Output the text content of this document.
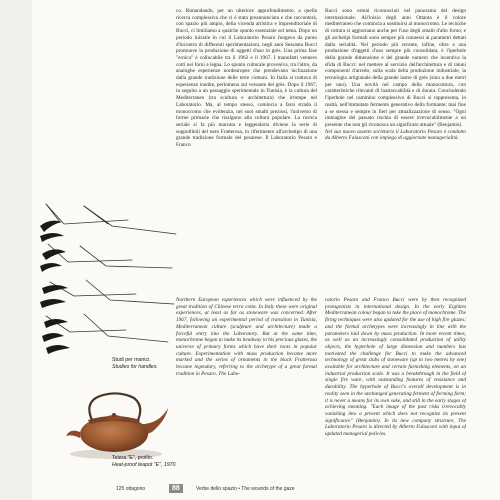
co. Rimandando, per un ulteriore approfondimento, a quella ricerca complessiva che ci è stata preannunciata e che racconterà, con spazio più ampio, della vicenda artistica e imprenditoriale di Bucci, ci limitiamo a qualche spunto essenziale sul tema. Dopo un periodo iniziale in cui il Laboratorio Pesaro fungeva da punto d'incontro di differenti sperimentazioni, negli anni Sessanta Bucci promuove la produzione di oggetti d'uso in grès. Una prima fase "eroica" è collocabile tra il 1962 e il 1967. I manufatti vennero cotti nei forni a legna. Lo spunto culturale proveniva, tra l'altro, da analoghe esperienze nordeuropee che prendevano inclinazione dalla grande tradizione delle terre comuni. In Italia si trattava di esperienze inedite, perlomeno sul versante del grès. Dopo il 1967, in seguito a un passaggio sperimentale in Tunisia, è la cultura del Mediterraneo (tra scultura e architettura) che irrompe nel Laboratorio. Ma, al tempo stesso, comincia a farsi strada il monocromo che evidenzia, nei suoi smalti preziosi, l'universo di forme primarie che risalgono alla cultura popolare. La ricerca seriale si fa più marcata e leggendaria diviene la serie di soppollitoli del nero Fratterosa, in riferimento all'archetipo di una grande tradizione formale del pesarese. Il Laboratorio Pesaro e Franco

Bucci sono ormai riconosciuti nel panorama del design internazionale. All'inizio degli anni Ottanta è il colore mediterraneo che comincia a sostituirsi al monocromo. Le tecniche di cottura si aggiornano anche per l'uso degli smalti d'alto forno; e gli archetipi formali sono sempre più connessi ai parametri dettati dalla serialità. Nel periodo più recente, infine, oltre a una produzione d'oggetti d'uso sempre più consolidata, è l'iperbole della grande dimensione e del grande numero che incentiva la sfida di Bucci: nel mettere al servizio dell'architettura e di taluni componenti d'arredo, sulla scala della produzione industriale, la tecnologia artigianale della grande lastre di grès (sino a due metri per uno). Una novità nel campo della monocottura, con caratteristiche rilevanti di inattaccabilità e di durata. Concludendo l'iperbole nel cammino complessivo di Bucci si rappresenta, in realtà, nell'immutato fermento generativo della formante; mai fine a se stessa e sempre in fieri per attualizzazione di senso. "Ogni immagine del passato rischia di essere irrevocabilmente a un presente che non gli riconosca un significato attuale" (Benjamin).

Nel suo nuovo assetto societario il Laboratorio Pesaro è condotto da Alberto Falasconi con impiego di aggiornate managerialità.

Northern European experiences which were influenced by the great tradition of Chinese terra cotta. In Italy these were original experiences, at least as far as stoneware was concerned. After 1967, following an experimental period of transition in Tunisia, Mediterranean culture (sculpture and architecture) made a forceful entry into the Laboratory. But at the same time, monochrome began to make its headway in his precious glazes, the universe of primary forms which have their roots in popular culture. Experimentation with mass production became more marked and the series of ornaments in the black Fratterosa became legendary, referring to the archetype of a great formal tradition in Pesaro. The Labo-

ratorio Pesaro and Franco Bucci were by then recognized protagonists in international design. In the early Eighties Mediterranean colour began to take the place of monochrome. The firing techniques were also updated for the use of high fire glazes; and the formal archetypes were increasingly in line with the parameters laid down by mass production. In more recent times, as well as an increasingly consolidated production of utility objects, the hyperbole of large dimension and numbers has motivated the challenge for Bucci to make the advanced technology of great slabs of stoneware (up to two metres by one) available for architecture and certain furnishing elements, on an industrial production scale. It was a breakthrough in the field of single fire ware, with outstanding features of resistance and durability. The hyperbole of Bucci's overall development is in reality seen in the unchanged generating ferment of forming form; it is never a means for its own sake, and still in the early stages of achieving meaning. "Each image of the past risks irrevocably vanishing into a present which does not recognize its present significance" (Benjamin). In its new company structure, The Laboratorio Pesaro is directed by Alberto Falasconi with input of updated managerial policies.

Studi per manici.
Studies for handles.
Teiera "E", profilo.
Heat-proof teapot "E", 1970.
125 ottagono	88	Verbe dello spazio • The wounds of the gaze
